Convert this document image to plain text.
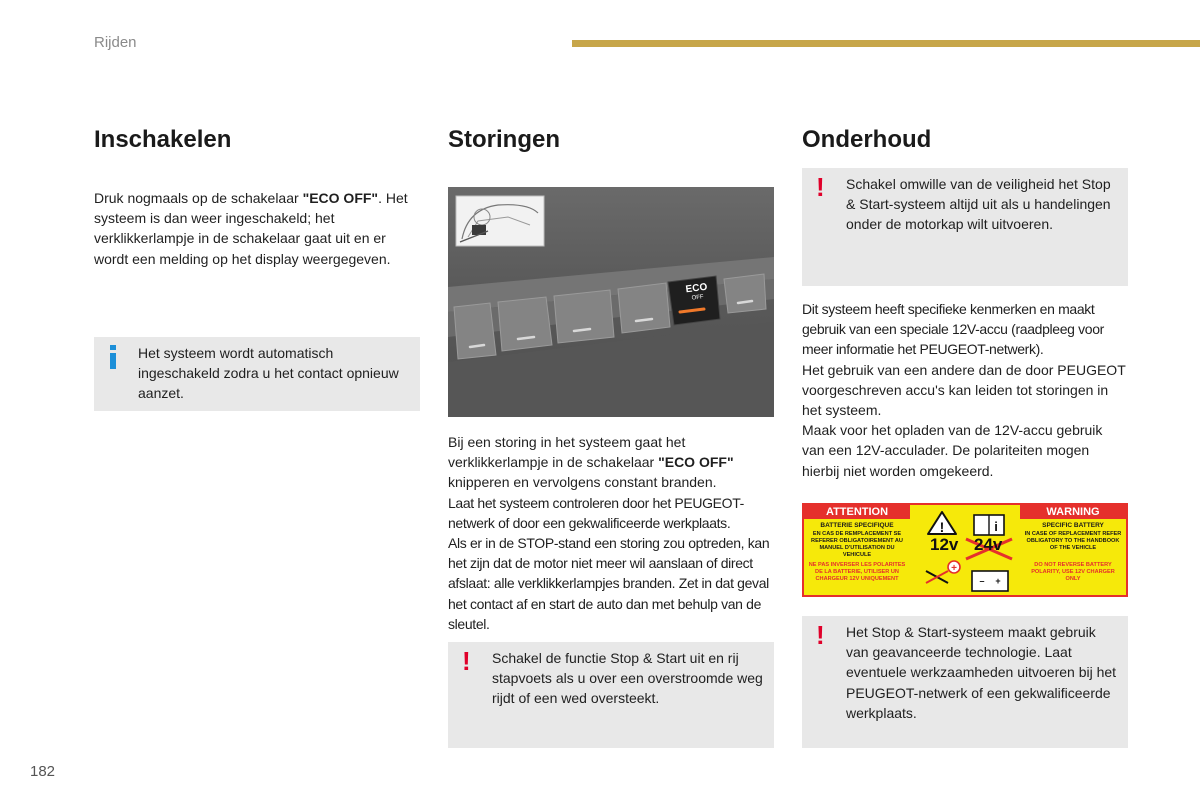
Rijden
Inschakelen
Druk nogmaals op de schakelaar "ECO OFF". Het systeem is dan weer ingeschakeld; het verklikkerlampje in de schakelaar gaat uit en er wordt een melding op het display weergegeven.
Het systeem wordt automatisch ingeschakeld zodra u het contact opnieuw aanzet.
Storingen
ECO
OFF
Bij een storing in het systeem gaat het verklikkerlampje in de schakelaar "ECO OFF" knipperen en vervolgens constant branden.
Laat het systeem controleren door het PEUGEOT-netwerk of door een gekwalificeerde werkplaats.
Als er in de STOP-stand een storing zou optreden, kan het zijn dat de motor niet meer wil aanslaan of direct afslaat: alle verklikkerlampjes branden. Zet in dat geval het contact af en start de auto dan met behulp van de sleutel.
! Schakel de functie Stop & Start uit en rij stapvoets als u over een overstroomde weg rijdt of een wed oversteekt.
Onderhoud
! Schakel omwille van de veiligheid het Stop & Start-systeem altijd uit als u handelingen onder de motorkap wilt uitvoeren.
Dit systeem heeft specifieke kenmerken en maakt gebruik van een speciale 12V-accu (raadpleeg voor meer informatie het PEUGEOT-netwerk).
Het gebruik van een andere dan de door PEUGEOT voorgeschreven accu's kan leiden tot storingen in het systeem.
Maak voor het opladen van de 12V-accu gebruik van een 12V-acculader. De polariteiten mogen hierbij niet worden omgekeerd.
ATTENTION	WARNING
BATTERIE SPECIFIQUE
EN CAS DE REMPLACEMENT SE REFERER OBLIGATOIREMENT AU MANUEL D'UTILISATION DU VEHICULE
NE PAS INVERSER LES POLARITES DE LA BATTERIE, UTILISER UN CHARGEUR 12V UNIQUEMENT
SPECIFIC BATTERY
IN CASE OF REPLACEMENT REFER OBLIGATORY TO THE HANDBOOK OF THE VEHICLE
DO NOT REVERSE BATTERY POLARITY, USE 12V CHARGER ONLY
!	i
+
– +
12v 24v
! Het Stop & Start-systeem maakt gebruik van geavanceerde technologie. Laat eventuele werkzaamheden uitvoeren bij het PEUGEOT-netwerk of een gekwalificeerde werkplaats.
182
